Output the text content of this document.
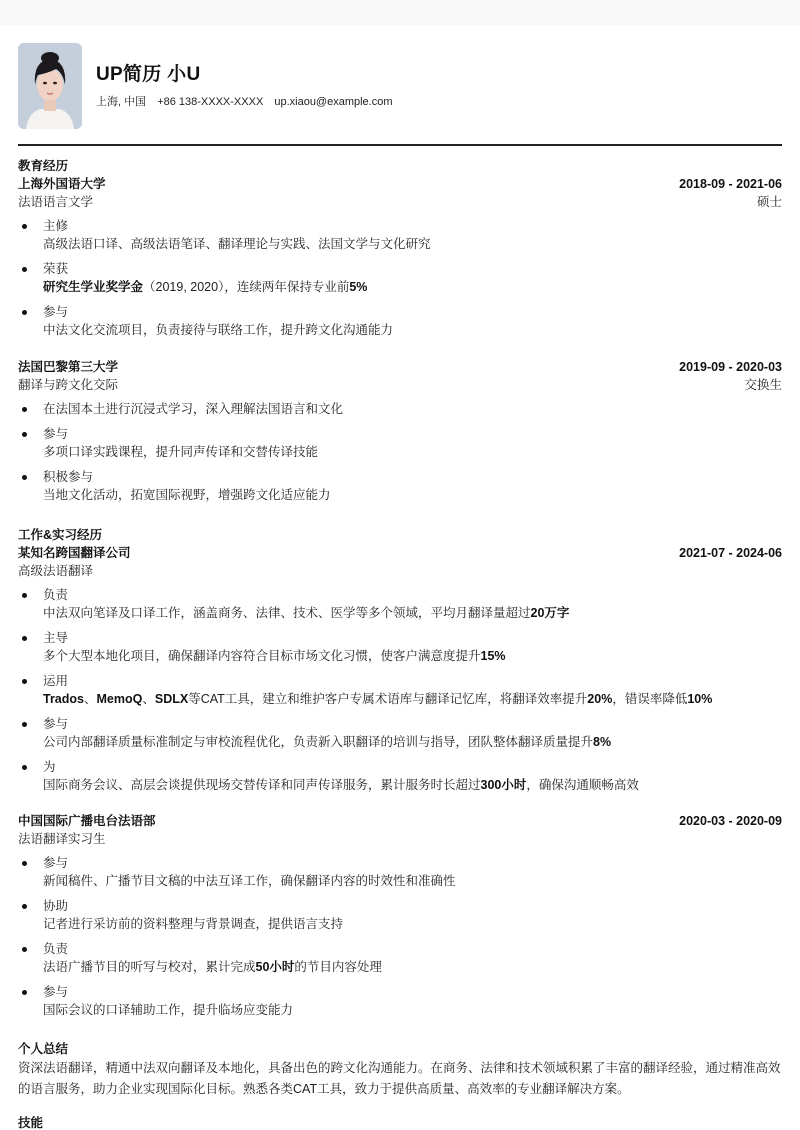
UP简历 小U
上海, 中国 +86 138-XXXX-XXXX up.xiaou@example.com
教育经历
上海外国语大学	2018-09 - 2021-06
法语语言文学	硕士
主修
高级法语口译、高级法语笔译、翻译理论与实践、法国文学与文化研究
荣获
研究生学业奖学金（2019, 2020），连续两年保持专业前5%
参与
中法文化交流项目，负责接待与联络工作，提升跨文化沟通能力
法国巴黎第三大学	2019-09 - 2020-03
翻译与跨文化交际	交换生
在法国本土进行沉浸式学习，深入理解法国语言和文化
参与
多项口译实践课程，提升同声传译和交替传译技能
积极参与
当地文化活动，拓宽国际视野，增强跨文化适应能力
工作&实习经历
某知名跨国翻译公司	2021-07 - 2024-06
高级法语翻译
负责
中法双向笔译及口译工作，涵盖商务、法律、技术、医学等多个领域，平均月翻译量超过20万字
主导
多个大型本地化项目，确保翻译内容符合目标市场文化习惯，使客户满意度提升15%
运用
Trados、MemoQ、SDLX等CAT工具，建立和维护客户专属术语库与翻译记忆库，将翻译效率提升20%，错误率降低10%
参与
公司内部翻译质量标准制定与审校流程优化，负责新入职翻译的培训与指导，团队整体翻译质量提升8%
为
国际商务会议、高层会谈提供现场交替传译和同声传译服务，累计服务时长超过300小时，确保沟通顺畅高效
中国国际广播电台法语部	2020-03 - 2020-09
法语翻译实习生
参与
新闻稿件、广播节目文稿的中法互译工作，确保翻译内容的时效性和准确性
协助
记者进行采访前的资料整理与背景调查，提供语言支持
负责
法语广播节目的听写与校对，累计完成50小时的节目内容处理
参与
国际会议的口译辅助工作，提升临场应变能力
个人总结
资深法语翻译，精通中法双向翻译及本地化，具备出色的跨文化沟通能力。在商务、法律和技术领域积累了丰富的翻译经验，通过精准高效的语言服务，助力企业实现国际化目标。熟悉各类CAT工具，致力于提供高质量、高效率的专业翻译解决方案。
技能
